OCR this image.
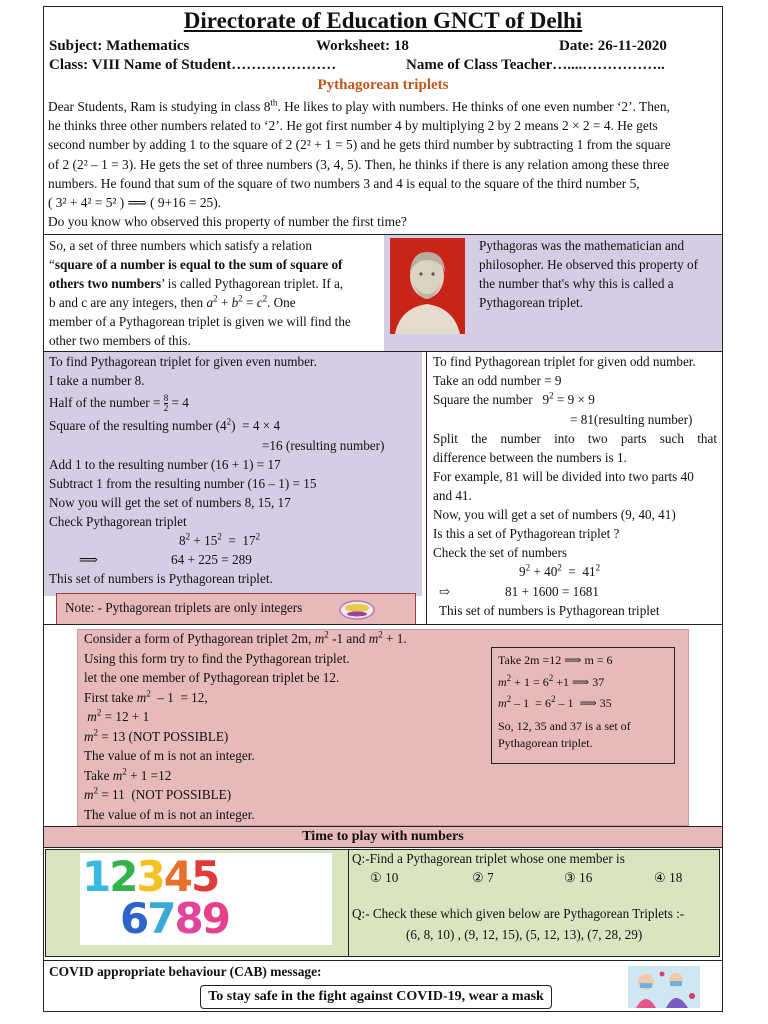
Directorate of Education GNCT of Delhi
Subject: Mathematics	Worksheet: 18	Date: 26-11-2020
Class: VIII Name of Student…………………	Name of Class Teacher…....……………..
Pythagorean triplets
Dear Students, Ram is studying in class 8th. He likes to play with numbers. He thinks of one even number ‘2’. Then,
he thinks three other numbers related to ‘2’. He got first number 4 by multiplying 2 by 2 means 2 × 2 = 4. He gets
second number by adding 1 to the square of 2 (2² + 1 = 5) and he gets third number by subtracting 1 from the square
of 2 (2² – 1 = 3). He gets the set of three numbers (3, 4, 5). Then, he thinks if there is any relation among these three
numbers. He found that sum of the square of two numbers 3 and 4 is equal to the square of the third number 5,
( 3² + 4² = 5² ) ⟹ ( 9+16 = 25).
Do you know who observed this property of number the first time?
So, a set of three numbers which satisfy a relation
“square of a number is equal to the sum of square of
others two numbers’ is called Pythagorean triplet. If a,
b and c are any integers, then $a^2 + b^2 = c^2$. One
member of a Pythagorean triplet is given we will find the
other two members of this.
Pythagoras was the mathematician and
philosopher. He observed this property of
the number that's why this is called a
Pythagorean triplet.
To find Pythagorean triplet for given even number.
I take a number 8.
Half of the number = $\frac{8}{2} = 4$
Square of the resulting number $(4^2) = 4 \times 4$
=16 (resulting number)
Add 1 to the resulting number (16 + 1) = 17
Subtract 1 from the resulting number (16 – 1) = 15
Now you will get the set of numbers 8, 15, 17
Check Pythagorean triplet
$8^2 + 15^2 = 17^2$
⟹	64 + 225 = 289
This set of numbers is Pythagorean triplet.
Note: - Pythagorean triplets are only integers
To find Pythagorean triplet for given odd number.
Take an odd number = 9
Square the number   $9^2 = 9 \times 9$
= 81(resulting number)
Split the number into two parts such that
difference between the numbers is 1.
For example, 81 will be divided into two parts 40
and 41.
Now, you will get a set of numbers (9, 40, 41)
Is this a set of Pythagorean triplet ?
Check the set of numbers
$9^2 + 40^2 = 41^2$
⇨	81 + 1600 = 1681
This set of numbers is Pythagorean triplet
Consider a form of Pythagorean triplet 2m, $m^2$ -1 and $m^2 + 1$.
Using this form try to find the Pythagorean triplet.
let the one member of Pythagorean triplet be 12.
First take $m^2 - 1 = 12$,
$m^2 = 12 + 1$
$m^2 = 13$ (NOT POSSIBLE)
The value of m is not an integer.
Take $m^2 + 1 =12$
$m^2 = 11$  (NOT POSSIBLE)
The value of m is not an integer.
Take 2m =12 ⟹ m = 6
$m^2 + 1 = 6^2 +1$ ⟹ 37
$m^2 - 1 = 6^2 - 1$  ⟹ 35
So, 12, 35 and 37 is a set of
Pythagorean triplet.
Time to play with numbers
12345
6789
Q:-Find a Pythagorean triplet whose one member is
① 10	② 7	③ 16	④ 18
Q:- Check these which given below are Pythagorean Triplets :-
(6, 8, 10) , (9, 12, 15), (5, 12, 13), (7, 28, 29)
COVID appropriate behaviour (CAB) message:
To stay safe in the fight against COVID-19, wear a mask
